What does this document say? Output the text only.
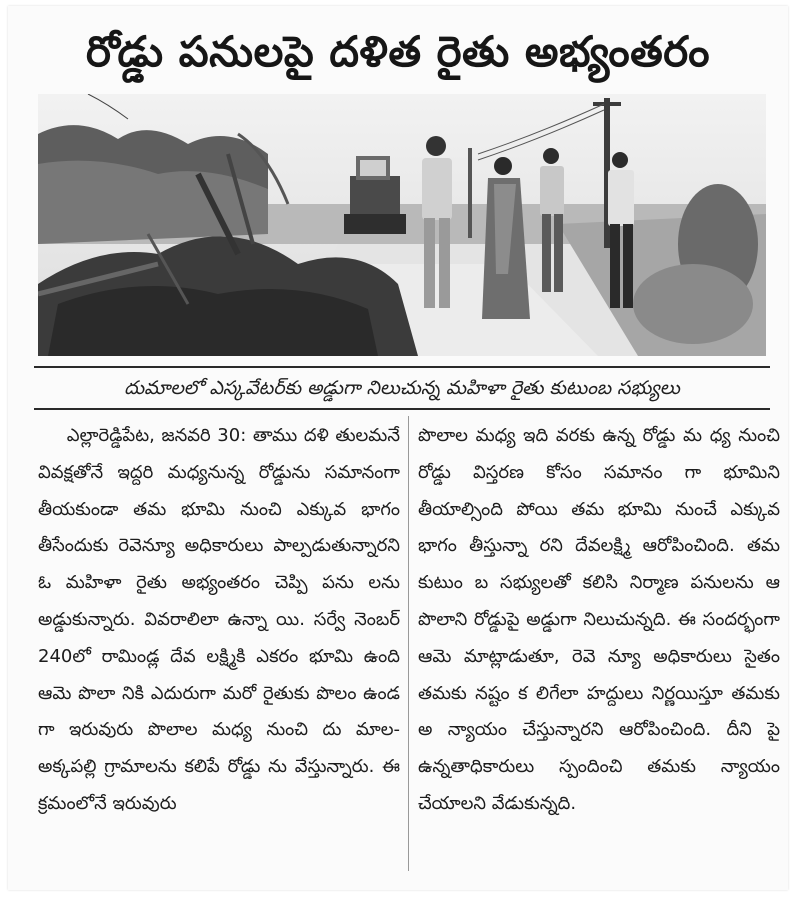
రోడ్డు పనులపై దళిత రైతు అభ్యంతరం
దుమాలలో ఎస్కవేటర్‌కు అడ్డుగా నిలుచున్న మహిళా రైతు కుటుంబ సభ్యులు

ఎల్లారెడ్డిపేట, జనవరి 30: తాము దళి తులమనే వివక్షతోనే ఇద్దరి మధ్యనున్న రోడ్డును సమానంగా తీయకుండా తమ భూమి నుంచి ఎక్కువ భాగం తీసేందుకు రెవెన్యూ అధికారులు పాల్పడుతున్నారని ఓ మహిళా రైతు అభ్యంతరం చెప్పి పను లను అడ్డుకున్నారు. వివరాలిలా ఉన్నా యి. సర్వే నెంబర్ 240లో రామిండ్ల దేవ లక్ష్మికి ఎకరం భూమి ఉంది ఆమె పొలా నికి ఎదురుగా మరో రైతుకు పొలం ఉండ గా ఇరువురు పొలాల మధ్య నుంచి దు మాల-అక్కపల్లి గ్రామాలను కలిపే రోడ్డు ను వేస్తున్నారు. ఈ క్రమంలోనే ఇరువురు

పొలాల మధ్య ఇది వరకు ఉన్న రోడ్డు మ ధ్య నుంచి రోడ్డు విస్తరణ కోసం సమానం గా భూమిని తీయాల్సింది పోయి తమ భూమి నుంచే ఎక్కువ భాగం తీస్తున్నా రని దేవలక్ష్మి ఆరోపించింది. తమ కుటుం బ సభ్యులతో కలిసి నిర్మాణ పనులను ఆ పొలాని రోడ్డుపై అడ్డుగా నిలుచున్నది. ఈ సందర్భంగా ఆమె మాట్లాడుతూ, రెవె న్యూ అధికారులు సైతం తమకు నష్టం క లిగేలా హద్దులు నిర్ణయిస్తూ తమకు అ న్యాయం చేస్తున్నారని ఆరోపించింది. దీని పై ఉన్నతాధికారులు స్పందించి తమకు న్యాయం చేయాలని వేడుకున్నది.
